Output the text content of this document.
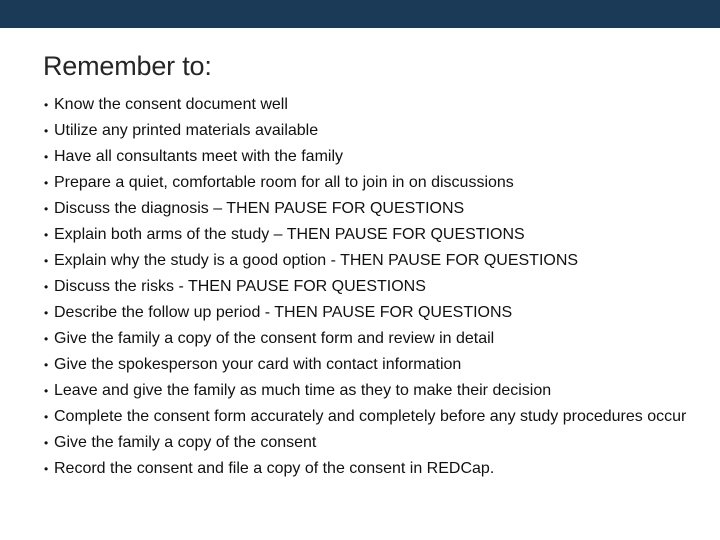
Remember to:
• Know the consent document well
• Utilize any printed materials available
• Have all consultants meet with the family
• Prepare a quiet, comfortable room for all to join in on discussions
• Discuss the diagnosis – THEN PAUSE FOR QUESTIONS
• Explain both arms of the study – THEN PAUSE FOR QUESTIONS
• Explain why the study is a good option - THEN PAUSE FOR QUESTIONS
• Discuss the risks - THEN PAUSE FOR QUESTIONS
• Describe the follow up period - THEN PAUSE FOR QUESTIONS
• Give the family a copy of the consent form and review in detail
• Give the spokesperson your card with contact information
• Leave and give the family as much time as they to make their decision
• Complete the consent form accurately and completely before any study procedures occur
• Give the family a copy of the consent
• Record the consent and file a copy of the consent in REDCap.
